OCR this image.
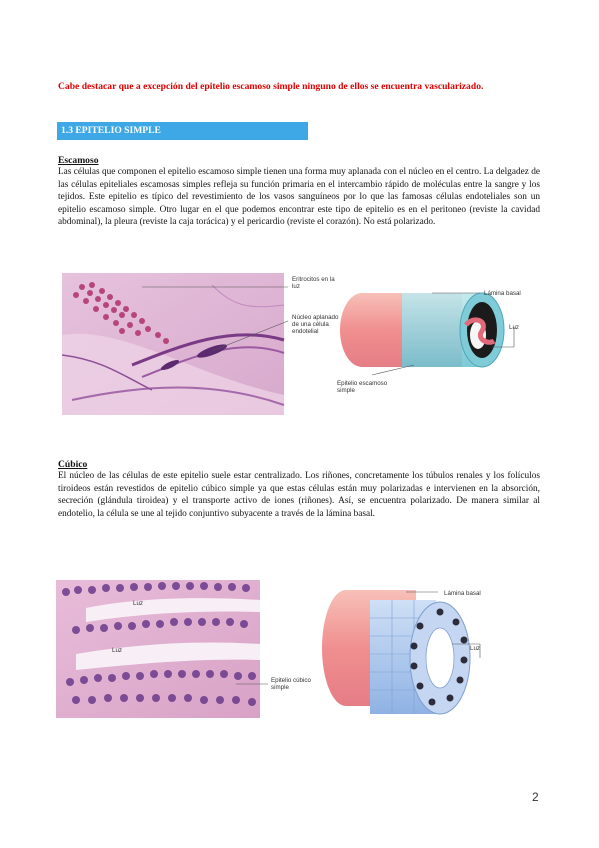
Cabe destacar que a excepción del epitelio escamoso simple ninguno de ellos se encuentra vascularizado.
1.3 EPITELIO SIMPLE
Escamoso
Las células que componen el epitelio escamoso simple tienen una forma muy aplanada con el núcleo en el centro. La delgadez de las células epiteliales escamosas simples refleja su función primaria en el intercambio rápido de moléculas entre la sangre y los tejidos. Este epitelio es típico del revestimiento de los vasos sanguíneos por lo que las famosas células endoteliales son un epitelio escamoso simple. Otro lugar en el que podemos encontrar este tipo de epitelio es en el peritoneo (reviste la cavidad abdominal), la pleura (reviste la caja torácica) y el pericardio (reviste el corazón). No está polarizado.
Eritrocitos en la luz
Núcleo aplanado de una célula endotelial
Lámina basal
Luz
Epitelio escamoso simple
Cúbico
El núcleo de las células de este epitelio suele estar centralizado. Los riñones, concretamente los túbulos renales y los folículos tiroideos están revestidos de epitelio cúbico simple ya que estas células están muy polarizadas e intervienen en la absorción, secreción (glándula tiroidea) y el transporte activo de iones (riñones). Así, se encuentra polarizado. De manera similar al endotelio, la célula se une al tejido conjuntivo subyacente a través de la lámina basal.
Luz
Luz
Lámina basal
Luz
Epitelio cúbico simple
2
